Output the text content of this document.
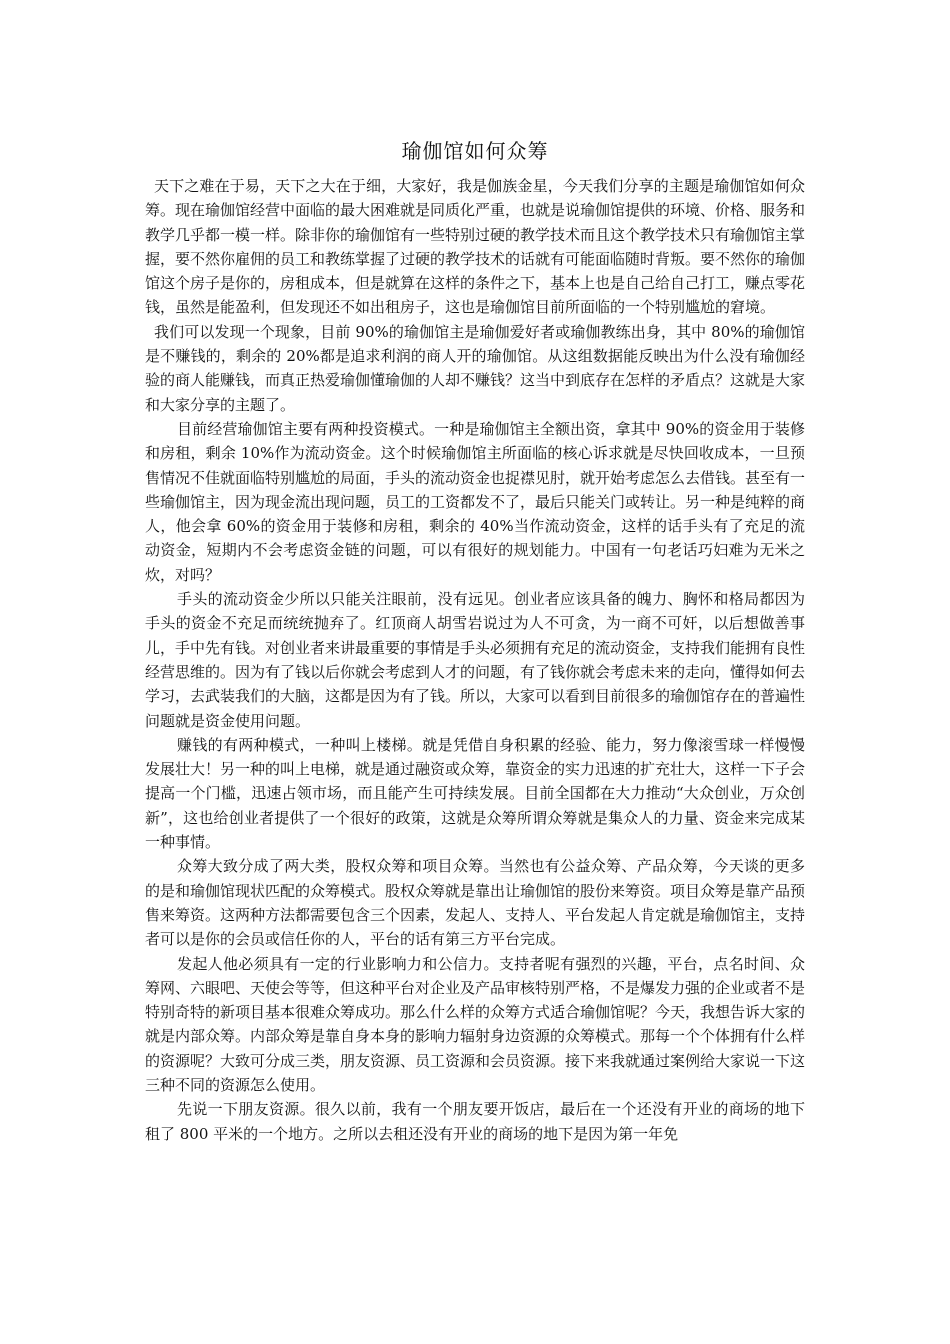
瑜伽馆如何众筹

天下之难在于易，天下之大在于细，大家好，我是伽族金星，今天我们分享的主题是瑜伽馆如何众筹。现在瑜伽馆经营中面临的最大困难就是同质化严重，也就是说瑜伽馆提供的环境、价格、服务和教学几乎都一模一样。除非你的瑜伽馆有一些特别过硬的教学技术而且这个教学技术只有瑜伽馆主掌握，要不然你雇佣的员工和教练掌握了过硬的教学技术的话就有可能面临随时背叛。要不然你的瑜伽馆这个房子是你的，房租成本，但是就算在这样的条件之下，基本上也是自己给自己打工，赚点零花钱，虽然是能盈利，但发现还不如出租房子，这也是瑜伽馆目前所面临的一个特别尴尬的窘境。

我们可以发现一个现象，目前 90%的瑜伽馆主是瑜伽爱好者或瑜伽教练出身，其中 80%的瑜伽馆是不赚钱的，剩余的 20%都是追求利润的商人开的瑜伽馆。从这组数据能反映出为什么没有瑜伽经验的商人能赚钱，而真正热爱瑜伽懂瑜伽的人却不赚钱？这当中到底存在怎样的矛盾点？这就是大家和大家分享的主题了。

目前经营瑜伽馆主要有两种投资模式。一种是瑜伽馆主全额出资，拿其中 90%的资金用于装修和房租，剩余 10%作为流动资金。这个时候瑜伽馆主所面临的核心诉求就是尽快回收成本，一旦预售情况不佳就面临特别尴尬的局面，手头的流动资金也捉襟见肘，就开始考虑怎么去借钱。甚至有一些瑜伽馆主，因为现金流出现问题，员工的工资都发不了，最后只能关门或转让。另一种是纯粹的商人，他会拿 60%的资金用于装修和房租，剩余的 40%当作流动资金，这样的话手头有了充足的流动资金，短期内不会考虑资金链的问题，可以有很好的规划能力。中国有一句老话巧妇难为无米之炊，对吗？

手头的流动资金少所以只能关注眼前，没有远见。创业者应该具备的魄力、胸怀和格局都因为手头的资金不充足而统统抛弃了。红顶商人胡雪岩说过为人不可贪，为一商不可奸，以后想做善事儿，手中先有钱。对创业者来讲最重要的事情是手头必须拥有充足的流动资金，支持我们能拥有良性经营思维的。因为有了钱以后你就会考虑到人才的问题，有了钱你就会考虑未来的走向，懂得如何去学习，去武装我们的大脑，这都是因为有了钱。所以，大家可以看到目前很多的瑜伽馆存在的普遍性问题就是资金使用问题。

赚钱的有两种模式，一种叫上楼梯。就是凭借自身积累的经验、能力，努力像滚雪球一样慢慢发展壮大！另一种的叫上电梯，就是通过融资或众筹，靠资金的实力迅速的扩充壮大，这样一下子会提高一个门槛，迅速占领市场，而且能产生可持续发展。目前全国都在大力推动“大众创业，万众创新”，这也给创业者提供了一个很好的政策，这就是众筹所谓众筹就是集众人的力量、资金来完成某一种事情。

众筹大致分成了两大类，股权众筹和项目众筹。当然也有公益众筹、产品众筹，今天谈的更多的是和瑜伽馆现状匹配的众筹模式。股权众筹就是靠出让瑜伽馆的股份来筹资。项目众筹是靠产品预售来筹资。这两种方法都需要包含三个因素，发起人、支持人、平台发起人肯定就是瑜伽馆主，支持者可以是你的会员或信任你的人，平台的话有第三方平台完成。

发起人他必须具有一定的行业影响力和公信力。支持者呢有强烈的兴趣，平台，点名时间、众筹网、六眼吧、天使会等等，但这种平台对企业及产品审核特别严格，不是爆发力强的企业或者不是特别奇特的新项目基本很难众筹成功。那么什么样的众筹方式适合瑜伽馆呢？今天，我想告诉大家的就是内部众筹。内部众筹是靠自身本身的影响力辐射身边资源的众筹模式。那每一个个体拥有什么样的资源呢？大致可分成三类，朋友资源、员工资源和会员资源。接下来我就通过案例给大家说一下这三种不同的资源怎么使用。

先说一下朋友资源。很久以前，我有一个朋友要开饭店，最后在一个还没有开业的商场的地下租了 800 平米的一个地方。之所以去租还没有开业的商场的地下是因为第一年免
